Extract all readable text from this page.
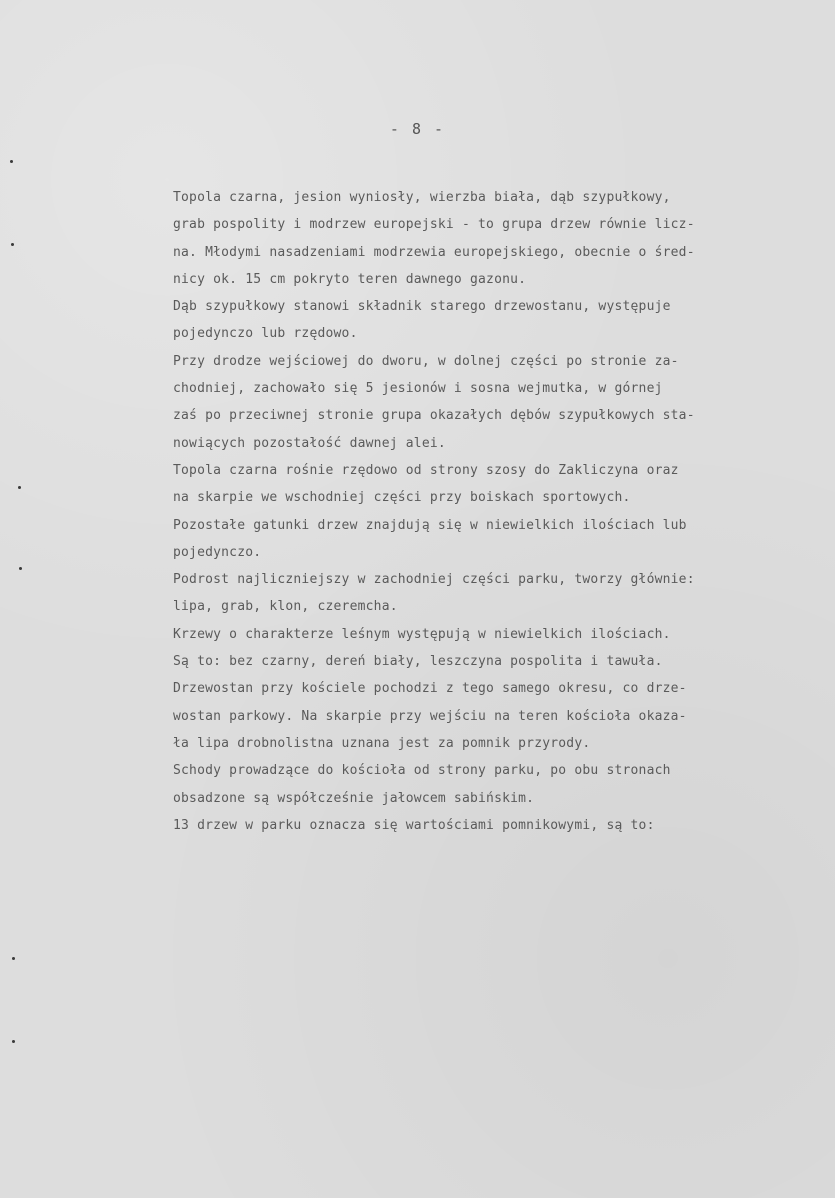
- 8 -
Topola czarna, jesion wyniosły, wierzba biała, dąb szypułkowy,
grab pospolity i modrzew europejski - to grupa drzew równie licz-
na. Młodymi nasadzeniami modrzewia europejskiego, obecnie o śred-
nicy ok. 15 cm pokryto teren dawnego gazonu.
Dąb szypułkowy stanowi składnik starego drzewostanu, występuje
pojedynczo lub rzędowo.
Przy drodze wejściowej do dworu, w dolnej części po stronie za-
chodniej, zachowało się 5 jesionów i sosna wejmutka, w górnej
zaś po przeciwnej stronie grupa okazałych dębów szypułkowych sta-
nowiących pozostałość dawnej alei.
Topola czarna rośnie rzędowo od strony szosy do Zakliczyna oraz
na skarpie we wschodniej części przy boiskach sportowych.
Pozostałe gatunki drzew znajdują się w niewielkich ilościach lub
pojedynczo.
Podrost najliczniejszy w zachodniej części parku, tworzy głównie:
lipa, grab, klon, czeremcha.
Krzewy o charakterze leśnym występują w niewielkich ilościach.
Są to: bez czarny, dereń biały, leszczyna pospolita i tawuła.
Drzewostan przy kościele pochodzi z tego samego okresu, co drze-
wostan parkowy. Na skarpie przy wejściu na teren kościoła okaza-
ła lipa drobnolistna uznana jest za pomnik przyrody.
Schody prowadzące do kościoła od strony parku, po obu stronach
obsadzone są współcześnie jałowcem sabińskim.
13 drzew w parku oznacza się wartościami pomnikowymi, są to:
